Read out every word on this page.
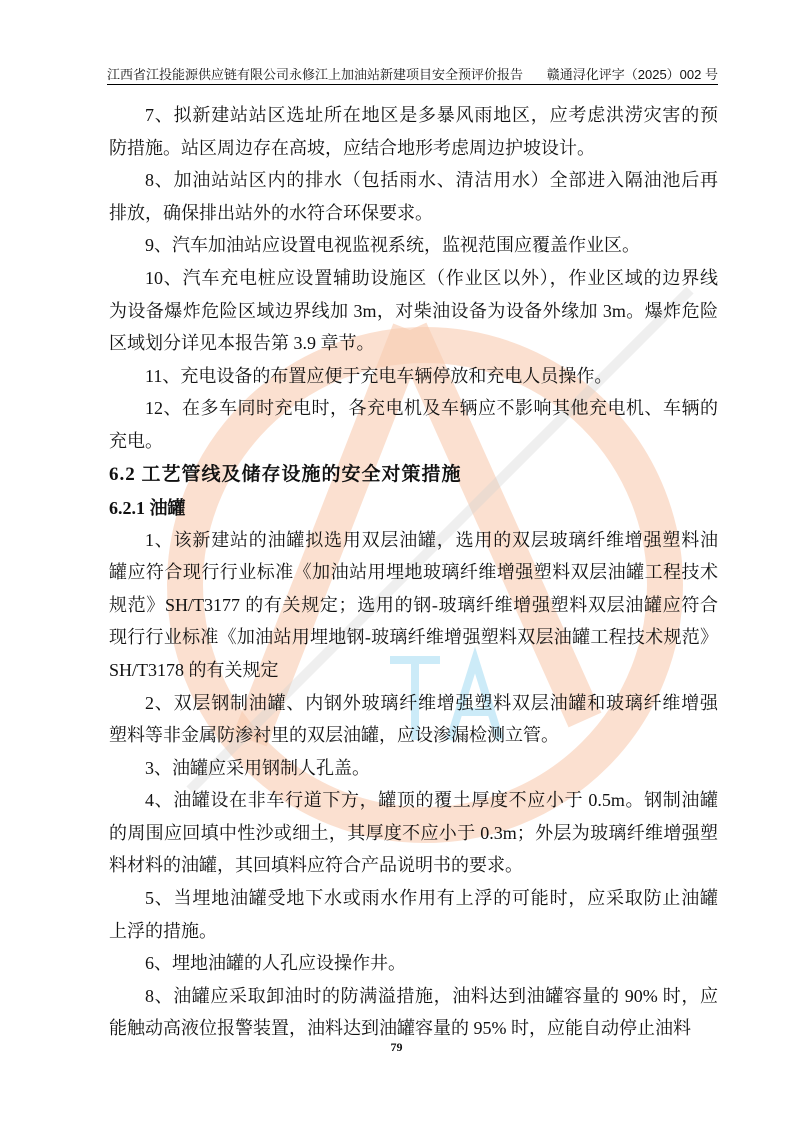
江西省江投能源供应链有限公司永修江上加油站新建项目安全预评价报告 赣通浔化评字（2025）002 号
7、拟新建站站区选址所在地区是多暴风雨地区，应考虑洪涝灾害的预
防措施。站区周边存在高坡，应结合地形考虑周边护坡设计。
8、加油站站区内的排水（包括雨水、清洁用水）全部进入隔油池后再
排放，确保排出站外的水符合环保要求。
9、汽车加油站应设置电视监视系统，监视范围应覆盖作业区。
10、汽车充电桩应设置辅助设施区（作业区以外），作业区域的边界线
为设备爆炸危险区域边界线加 3m，对柴油设备为设备外缘加 3m。爆炸危险
区域划分详见本报告第 3.9 章节。
11、充电设备的布置应便于充电车辆停放和充电人员操作。
12、在多车同时充电时，各充电机及车辆应不影响其他充电机、车辆的
充电。
6.2 工艺管线及储存设施的安全对策措施
6.2.1 油罐
1、该新建站的油罐拟选用双层油罐，选用的双层玻璃纤维增强塑料油
罐应符合现行行业标准《加油站用埋地玻璃纤维增强塑料双层油罐工程技术
规范》SH/T3177 的有关规定；选用的钢-玻璃纤维增强塑料双层油罐应符合
现行行业标准《加油站用埋地钢-玻璃纤维增强塑料双层油罐工程技术规范》
SH/T3178 的有关规定
2、双层钢制油罐、内钢外玻璃纤维增强塑料双层油罐和玻璃纤维增强
塑料等非金属防渗衬里的双层油罐，应设渗漏检测立管。
3、油罐应采用钢制人孔盖。
4、油罐设在非车行道下方，罐顶的覆土厚度不应小于 0.5m。钢制油罐
的周围应回填中性沙或细土，其厚度不应小于 0.3m；外层为玻璃纤维增强塑
料材料的油罐，其回填料应符合产品说明书的要求。
5、当埋地油罐受地下水或雨水作用有上浮的可能时，应采取防止油罐
上浮的措施。
6、埋地油罐的人孔应设操作井。
8、油罐应采取卸油时的防满溢措施，油料达到油罐容量的 90% 时，应
能触动高液位报警装置，油料达到油罐容量的 95% 时，应能自动停止油料
79
